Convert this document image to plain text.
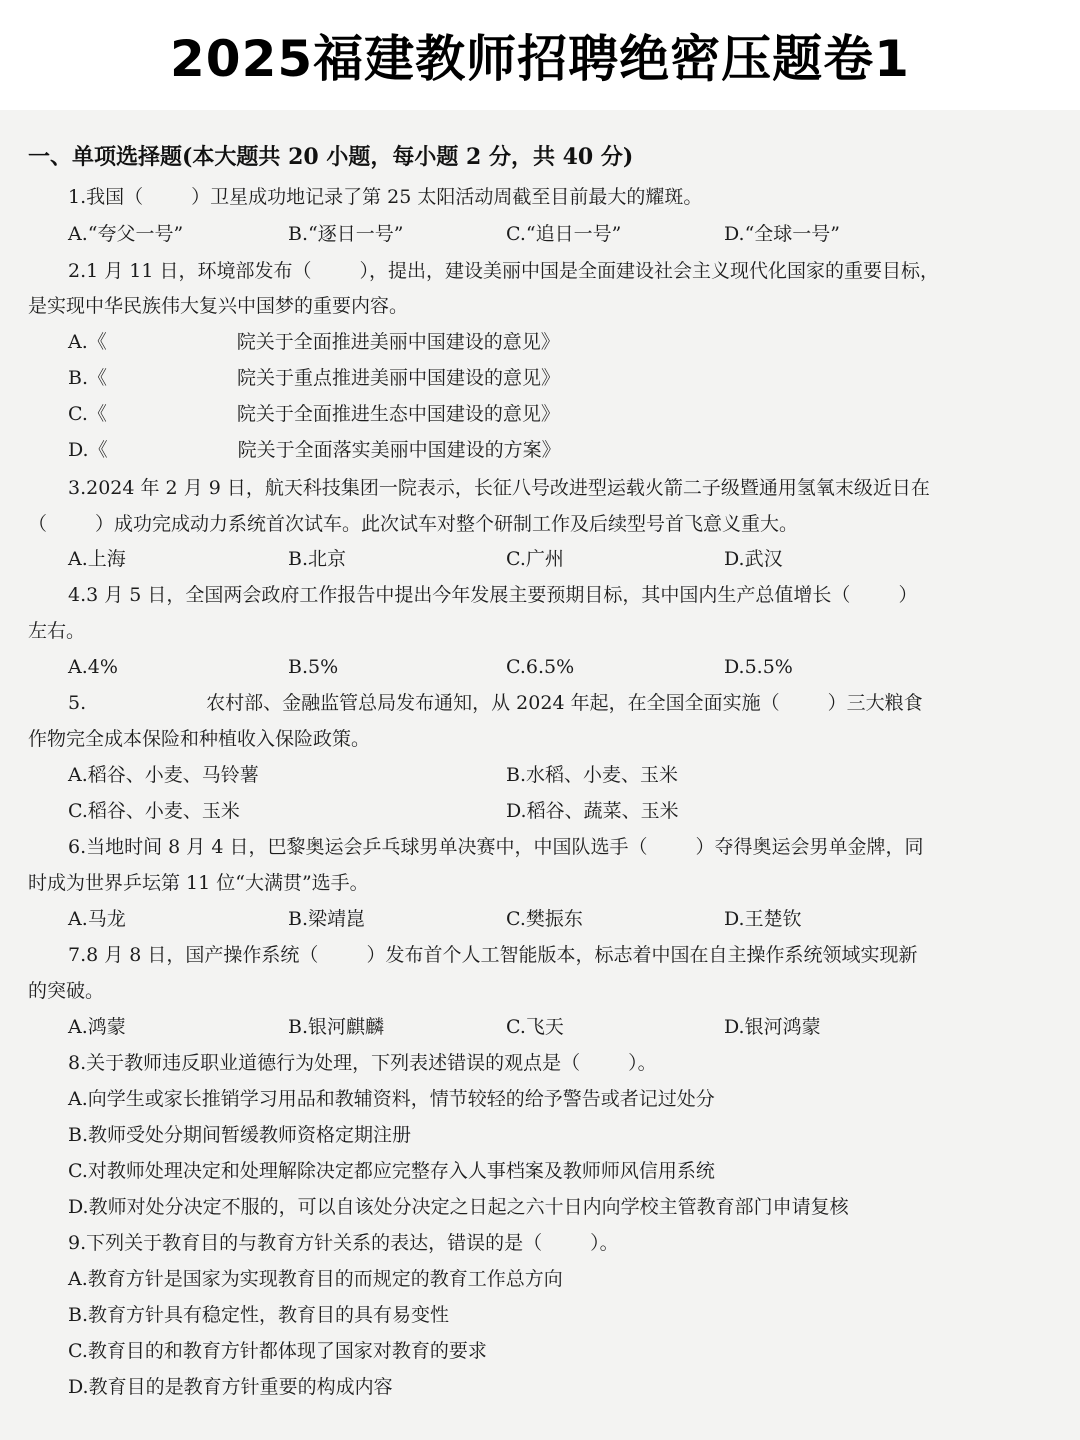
2025福建教师招聘绝密压题卷1
一、单项选择题(本大题共 20 小题，每小题 2 分，共 40 分)
1.我国（	）卫星成功地记录了第 25 太阳活动周截至目前最大的耀斑。
A.“夸父一号”	B.“逐日一号”	C.“追日一号”	D.“全球一号”
2.1 月 11 日，环境部发布（	），提出，建设美丽中国是全面建设社会主义现代化国家的重要目标，
是实现中华民族伟大复兴中国梦的重要内容。
A.《	院关于全面推进美丽中国建设的意见》
B.《	院关于重点推进美丽中国建设的意见》
C.《	院关于全面推进生态中国建设的意见》
D.《	院关于全面落实美丽中国建设的方案》
3.2024 年 2 月 9 日，航天科技集团一院表示，长征八号改进型运载火箭二子级暨通用氢氧末级近日在
（	）成功完成动力系统首次试车。此次试车对整个研制工作及后续型号首飞意义重大。
A.上海	B.北京	C.广州	D.武汉
4.3 月 5 日，全国两会政府工作报告中提出今年发展主要预期目标，其中国内生产总值增长（	）
左右。
A.4%	B.5%	C.6.5%	D.5.5%
5.	农村部、金融监管总局发布通知，从 2024 年起，在全国全面实施（	）三大粮食
作物完全成本保险和种植收入保险政策。
A.稻谷、小麦、马铃薯	B.水稻、小麦、玉米
C.稻谷、小麦、玉米	D.稻谷、蔬菜、玉米
6.当地时间 8 月 4 日，巴黎奥运会乒乓球男单决赛中，中国队选手（	）夺得奥运会男单金牌，同
时成为世界乒坛第 11 位“大满贯”选手。
A.马龙	B.梁靖崑	C.樊振东	D.王楚钦
7.8 月 8 日，国产操作系统（	）发布首个人工智能版本，标志着中国在自主操作系统领域实现新
的突破。
A.鸿蒙	B.银河麒麟	C.飞天	D.银河鸿蒙
8.关于教师违反职业道德行为处理，下列表述错误的观点是（	）。
A.向学生或家长推销学习用品和教辅资料，情节较轻的给予警告或者记过处分
B.教师受处分期间暂缓教师资格定期注册
C.对教师处理决定和处理解除决定都应完整存入人事档案及教师师风信用系统
D.教师对处分决定不服的，可以自该处分决定之日起之六十日内向学校主管教育部门申请复核
9.下列关于教育目的与教育方针关系的表达，错误的是（	）。
A.教育方针是国家为实现教育目的而规定的教育工作总方向
B.教育方针具有稳定性，教育目的具有易变性
C.教育目的和教育方针都体现了国家对教育的要求
D.教育目的是教育方针重要的构成内容
